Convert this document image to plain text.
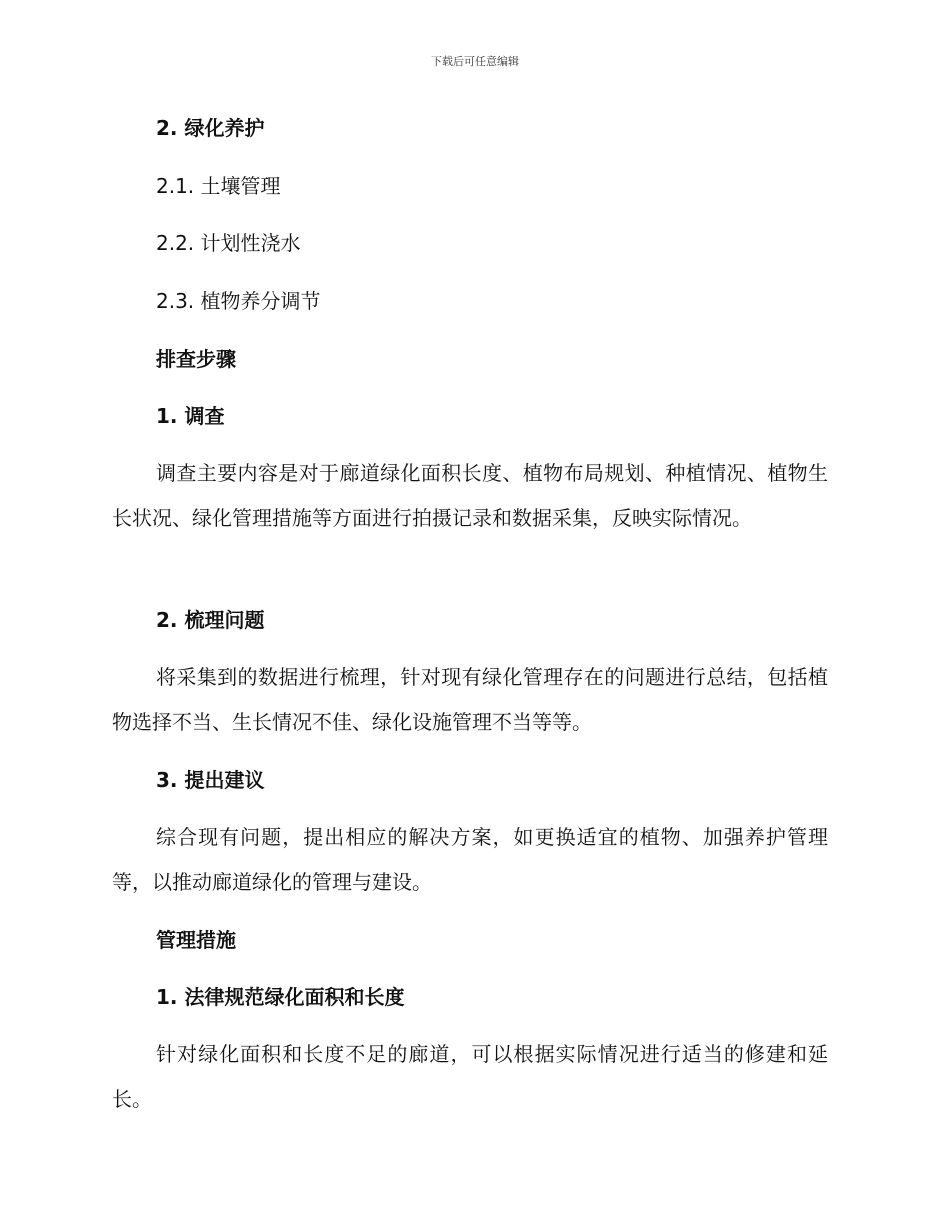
下载后可任意编辑
2. 绿化养护
2.1. 土壤管理
2.2. 计划性浇水
2.3. 植物养分调节
排查步骤
1. 调查
调查主要内容是对于廊道绿化面积长度、植物布局规划、种植情况、植物生长状况、绿化管理措施等方面进行拍摄记录和数据采集，反映实际情况。
2. 梳理问题
将采集到的数据进行梳理，针对现有绿化管理存在的问题进行总结，包括植物选择不当、生长情况不佳、绿化设施管理不当等等。
3. 提出建议
综合现有问题，提出相应的解决方案，如更换适宜的植物、加强养护管理等，以推动廊道绿化的管理与建设。
管理措施
1. 法律规范绿化面积和长度
针对绿化面积和长度不足的廊道，可以根据实际情况进行适当的修建和延长。
